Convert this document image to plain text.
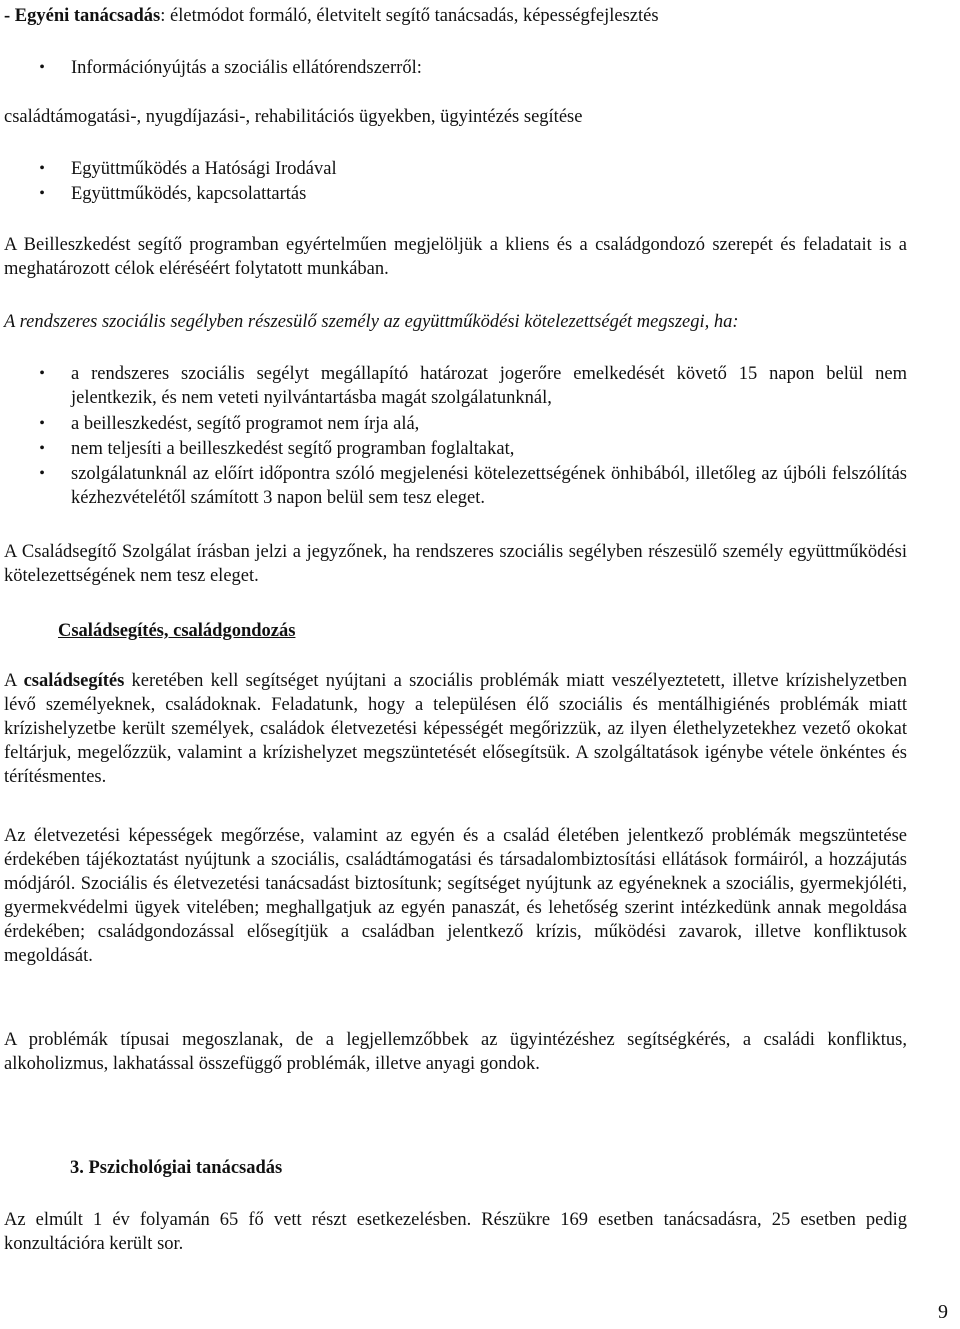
- Egyéni tanácsadás: életmódot formáló, életvitelt segítő tanácsadás, képességfejlesztés

• Információnyújtás a szociális ellátórendszerről:

családtámogatási-, nyugdíjazási-, rehabilitációs ügyekben, ügyintézés segítése

• Együttműködés a Hatósági Irodával

• Együttműködés, kapcsolattartás

A Beilleszkedést segítő programban egyértelműen megjelöljük a kliens és a családgondozó szerepét és feladatait is a meghatározott célok eléréséért folytatott munkában.

A rendszeres szociális segélyben részesülő személy az együttműködési kötelezettségét megszegi, ha:

• a rendszeres szociális segélyt megállapító határozat jogerőre emelkedését követő 15 napon belül nem jelentkezik, és nem veteti nyilvántartásba magát szolgálatunknál,

• a beilleszkedést, segítő programot nem írja alá,

• nem teljesíti a beilleszkedést segítő programban foglaltakat,

• szolgálatunknál az előírt időpontra szóló megjelenési kötelezettségének önhibából, illetőleg az újbóli felszólítás kézhezvételétől számított 3 napon belül sem tesz eleget.

A Családsegítő Szolgálat írásban jelzi a jegyzőnek, ha rendszeres szociális segélyben részesülő személy együttműködési kötelezettségének nem tesz eleget.

Családsegítés, családgondozás

A családsegítés keretében kell segítséget nyújtani a szociális problémák miatt veszélyeztetett, illetve krízishelyzetben lévő személyeknek, családoknak. Feladatunk, hogy a településen élő szociális és mentálhigiénés problémák miatt krízishelyzetbe került személyek, családok életvezetési képességét megőrizzük, az ilyen élethelyzetekhez vezető okokat feltárjuk, megelőzzük, valamint a krízishelyzet megszüntetését elősegítsük. A szolgáltatások igénybe vétele önkéntes és térítésmentes.

Az életvezetési képességek megőrzése, valamint az egyén és a család életében jelentkező problémák megszüntetése érdekében tájékoztatást nyújtunk a szociális, családtámogatási és társadalombiztosítási ellátások formáiról, a hozzájutás módjáról. Szociális és életvezetési tanácsadást biztosítunk; segítséget nyújtunk az egyéneknek a szociális, gyermekjóléti, gyermekvédelmi ügyek vitelében; meghallgatjuk az egyén panaszát, és lehetőség szerint intézkedünk annak megoldása érdekében; családgondozással elősegítjük a családban jelentkező krízis, működési zavarok, illetve konfliktusok megoldását.

A problémák típusai megoszlanak, de a legjellemzőbbek az ügyintézéshez segítségkérés, a családi konfliktus, alkoholizmus, lakhatással összefüggő problémák, illetve anyagi gondok.

3. Pszichológiai tanácsadás

Az elmúlt 1 év folyamán 65 fő vett részt esetkezelésben. Részükre 169 esetben tanácsadásra, 25 esetben pedig konzultációra került sor.

9
